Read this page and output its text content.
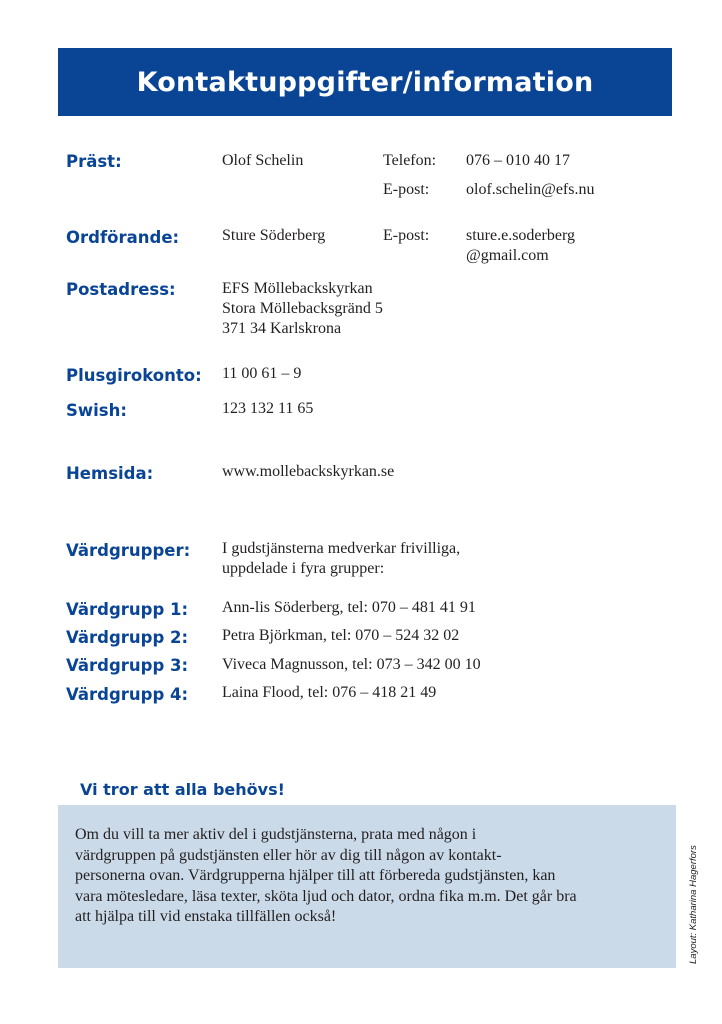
Kontaktuppgifter/information
Präst:	Olof Schelin	Telefon: 076 – 010 40 17
E-post: olof.schelin@efs.nu
Ordförande:	Sture Söderberg	E-post: sture.e.soderberg
@gmail.com
Postadress:	EFS Möllebackskyrkan
Stora Möllebacksgränd 5
371 34 Karlskrona
Plusgirokonto: 11 00 61 – 9
Swish:	123 132 11 65
Hemsida:	www.mollebackskyrkan.se
Värdgrupper: I gudstjänsterna medverkar frivilliga,
uppdelade i fyra grupper:
Värdgrupp 1: Ann-lis Söderberg, tel: 070 – 481 41 91
Värdgrupp 2: Petra Björkman, tel: 070 – 524 32 02
Värdgrupp 3: Viveca Magnusson, tel: 073 – 342 00 10
Värdgrupp 4: Laina Flood, tel: 076 – 418 21 49
Vi tror att alla behövs!
Om du vill ta mer aktiv del i gudstjänsterna, prata med någon i
värdgruppen på gudstjänsten eller hör av dig till någon av kontakt-
personerna ovan. Värdgrupperna hjälper till att förbereda gudstjänsten, kan
vara mötesledare, läsa texter, sköta ljud och dator, ordna fika m.m. Det går bra
att hjälpa till vid enstaka tillfällen också!	Layout: Katharina Hagerfors
